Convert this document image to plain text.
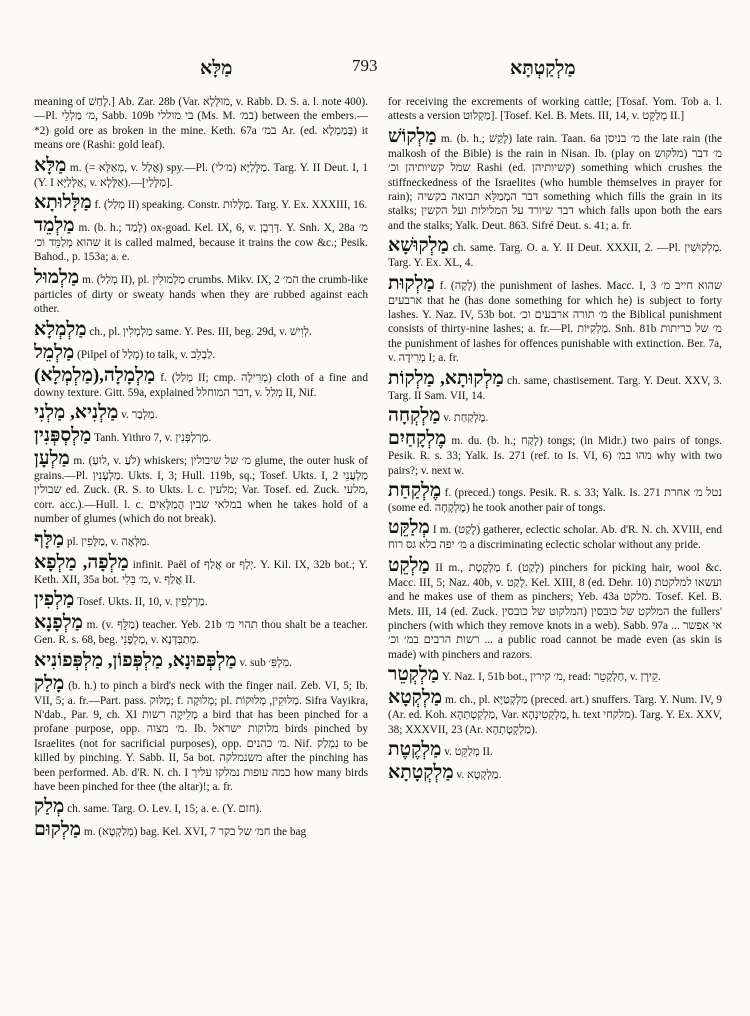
מַלָּא	793	מַלְקַטְתָּא
meaning of לָחַשׁ.] Ab. Zar. 28b (Var. מוּלְּלָא, v. Rabb. D. S. a. l. note 400).—Pl. מ׳ מַלְלֵי, Sabb. 109b בי מוללי (Ms. M. במ׳) between the embers.—*2) gold ore as broken in the mine. Keth. 67a במ׳ Ar. (ed. בְּמַמְלָא) it means ore (Rashi: gold leaf).
מַלָּא m. (= מְאַלָּא, v. אֲלַל) spy.—Pl. מַלָּלַיָּא (מ׳לי). Targ. Y. II Deut. I, 1 (Y. I אַלָּלַיָּא, v. אַלָּלָא).—[מַלָּלַי].
מַלָּלוּתָא f. (מְלַל II) speaking. Constr. מַלָּלוּת. Targ. Y. Ex. XXXIII, 16.
מַלְמֵד m. (b. h.; לָמַד) ox-goad. Kel. IX, 6, v. דָּרְבָן. Y. Snh. X, 28a מ׳ שהוא מְלַמֵּד וכ׳ it is called malmed, because it trains the cow &c.; Pesik. Bahod., p. 153a; a. e.
מַלְמוּל m. (מְלַל II), pl. מַלְמוּלִין crumbs. Mikv. IX, 2 המ׳ the crumb-like particles of dirty or sweaty hands when they are rubbed against each other.
מַלְמְלָא ch., pl. מַלְמְלִין same. Y. Pes. III, beg. 29d, v. לְוִישׁ.
מַלְמֵל (Pilpel of מְלַל) to talk, v. לַבְלֵב.
מַלְמָלָה,(מַלְמְלָא) f. (מְלַל II; cmp. מְרִילָה) cloth of a fine and downy texture. Gitt. 59a, explained דבר המוחלל, v. מְלַל II, Nif.
מַלְנִיא, מַלְנִי v. מַלְבַר.
מַלְסְפְּנִין Tanh. Yithro 7, v. מַרְלְפְּנִין.
מַלְעָן m. (לוּעַ, v. לֹעַ) whiskers; מ׳ של שיבולין glume, the outer husk of grains.—Pl. מַלְעָנִין. Ukts. I, 3; Hull. 119b, sq.; Tosef. Ukts. I, 2 מַלְעֲנֵי שבולין ed. Zuck. (R. S. to Ukts. l. c. מלעין; Var. Tosef. ed. Zuck. מלעי, corr. acc.).—Hull. l. c. במלאי שבין הֲמַלָּאִים when he takes hold of a number of glumes (which do not break).
מַלָּף pl. מַלָּפִין, v. מַלְּאָה.
מַלְפָה, מַלְפָא infinit. Paël of אֲלַף or יְלַף. Y. Kil. IX, 32b bot.; Y. Keth. XII, 35a bot. מ׳ בֵּלִי, v. אֲלַף II.
מַלְפִין Tosef. Ukts. II, 10, v. מַרְלְפִין.
מַלְפָנָא m. (v. מַלֵּף) teacher. Yeb. 21b תהוי מ׳ thou shalt be a teacher. Gen. R. s. 68, beg. מַלְפָּנֵי, v. מְתַבְּדְּנָא.
מַלְפְּפוּנָא, מַלְפְּפוֹן, מַלְפְּפוֹנִיא v. sub מִלְפִּ׳.
מָלַק (b. h.) to pinch a bird's neck with the finger nail. Zeb. VI, 5; Ib. VII, 5; a. fr.—Part. pass. מָלוּק; f. מְלוּקָה; pl. מְלוּקִין, מְלוּקוֹת. Sifra Vayikra, N'dab., Par. 9, ch. XI מְלִיקָה רשות a bird that has been pinched for a profane purpose, opp. מ׳ מצוה. Ib. מלוקות ישראל birds pinched by Israelites (not for sacrificial purposes), opp. מ׳ כהנים. Nif. נִמְלַק to be killed by pinching. Y. Sabb. II, 5a bot. משנמלקה after the pinching has been performed. Ab. d'R. N. ch. I כמה עופות נמלקו עליך how many birds have been pinched for thee (the altar)!; a. fr.
מְלַק ch. same. Targ. O. Lev. I, 15; a. e. (Y. חזם).
מַלְקוּם m. (מְלַקְטָא) bag. Kel. XVI, 7 חמ׳ של בקר the bag
for receiving the excrements of working cattle; [Tosaf. Yom. Tob a. l. attests a version מַקְלוּט]. [Tosef. Kel. B. Mets. III, 14, v. מְלַקֵּט II.]
מַלְקוֹשׁ m. (b. h.; לָקַשׁ) late rain. Taan. 6a מ׳ בניסן the late rain (the malkosh of the Bible) is the rain in Nisan. Ib. (play on מלקוש) מ׳ דבר שמל קשיותיהן וכ׳ Rashi (ed. קשיותיהן) something which crushes the stiffneckedness of the Israelites (who humble themselves in prayer for rain); דבר המְמַלֵּא תבואה בקשיה something which fills the grain in its stalks; דבר שיורד על המלילות ועל הקשין which falls upon both the ears and the stalks; Yalk. Deut. 863. Sifré Deut. s. 41; a. fr.
מַלְקוּשָׁא ch. same. Targ. O. a. Y. II Deut. XXXII, 2. —Pl. מַלְקוּשִׁין. Targ. Y. Ex. XL, 4.
מַלְקוּת f. (לָקָה) the punishment of lashes. Macc. I, 3 שהוא חייב מ׳ ארבעים that he (has done something for which he) is subject to forty lashes. Y. Naz. IV, 53b bot. מ׳ תורה ארבעים וכ׳ the Biblical punishment consists of thirty-nine lashes; a. fr.—Pl. מַלְקִיּוֹת. Snh. 81b מ׳ של כריתות the punishment of lashes for offences punishable with extinction. Ber. 7a, v. מְרִידָה I; a. fr.
מַלְקוּתָא, מַלְקוֹת ch. same, chastisement. Targ. Y. Deut. XXV, 3. Targ. II Sam. VII, 14.
מַלְקְחָה v. מֶלְקַחַת.
מֶלְקָחַיִם m. du. (b. h.; לָקַח) tongs; (in Midr.) two pairs of tongs. Pesik. R. s. 33; Yalk. Is. 271 (ref. to Is. VI, 6) מהו במ׳ why with two pairs?; v. next w.
מֶלְקַחַת f. (preced.) tongs. Pesik. R. s. 33; Yalk. Is. 271 נטל מ׳ אחרת (some ed. מֶלְקָחָה) he took another pair of tongs.
מְלַקֵּט I m. (לָקַט) gatherer, eclectic scholar. Ab. d'R. N. ch. XVIII, end מ׳ יפה בלא גס רוח a discriminating eclectic scholar without any pride.
מַלְקֵט II m., מַלְקֶטֶת f. (לָקַט) pinchers for picking hair, wool &c. Macc. III, 5; Naz. 40b, v. לָקַט. Kel. XIII, 8 (ed. Dehr. 10) ועשאו למלקטת and he makes use of them as pinchers; Yeb. 43a מלקט. Tosef. Kel. B. Mets. III, 14 (ed. Zuck. המלקוט של כובסין) המלקט של כובסין the fullers' pinchers (with which they remove knots in a web). Sabb. 97a ... אי אפשר ... רשות הרבים במ׳ וכ׳ a public road cannot be made even (as skin is made) with pinchers and razors.
מַלְקְטֵר Y. Naz. I, 51b bot., מ׳ קירין, read: חַלְקְטֵר, v. קֵירָן.
מַלְקְטָא m. ch., pl. מַלְקְטַיָּא (preced. art.) snuffers. Targ. Y. Num. IV, 9 (Ar. ed. Koh. מַלְקְטָתְהָא, Var. מַלְקְטִינְהָא, h. text מלקחי). Targ. Y. Ex. XXV, 38; XXXVII, 23 (Ar. מַלְקְטָתְהָא).
מַלְקֶטֶת v. מְלַקֵּט II.
מַלְקְטָתָא v. מַלְקְטָא.
